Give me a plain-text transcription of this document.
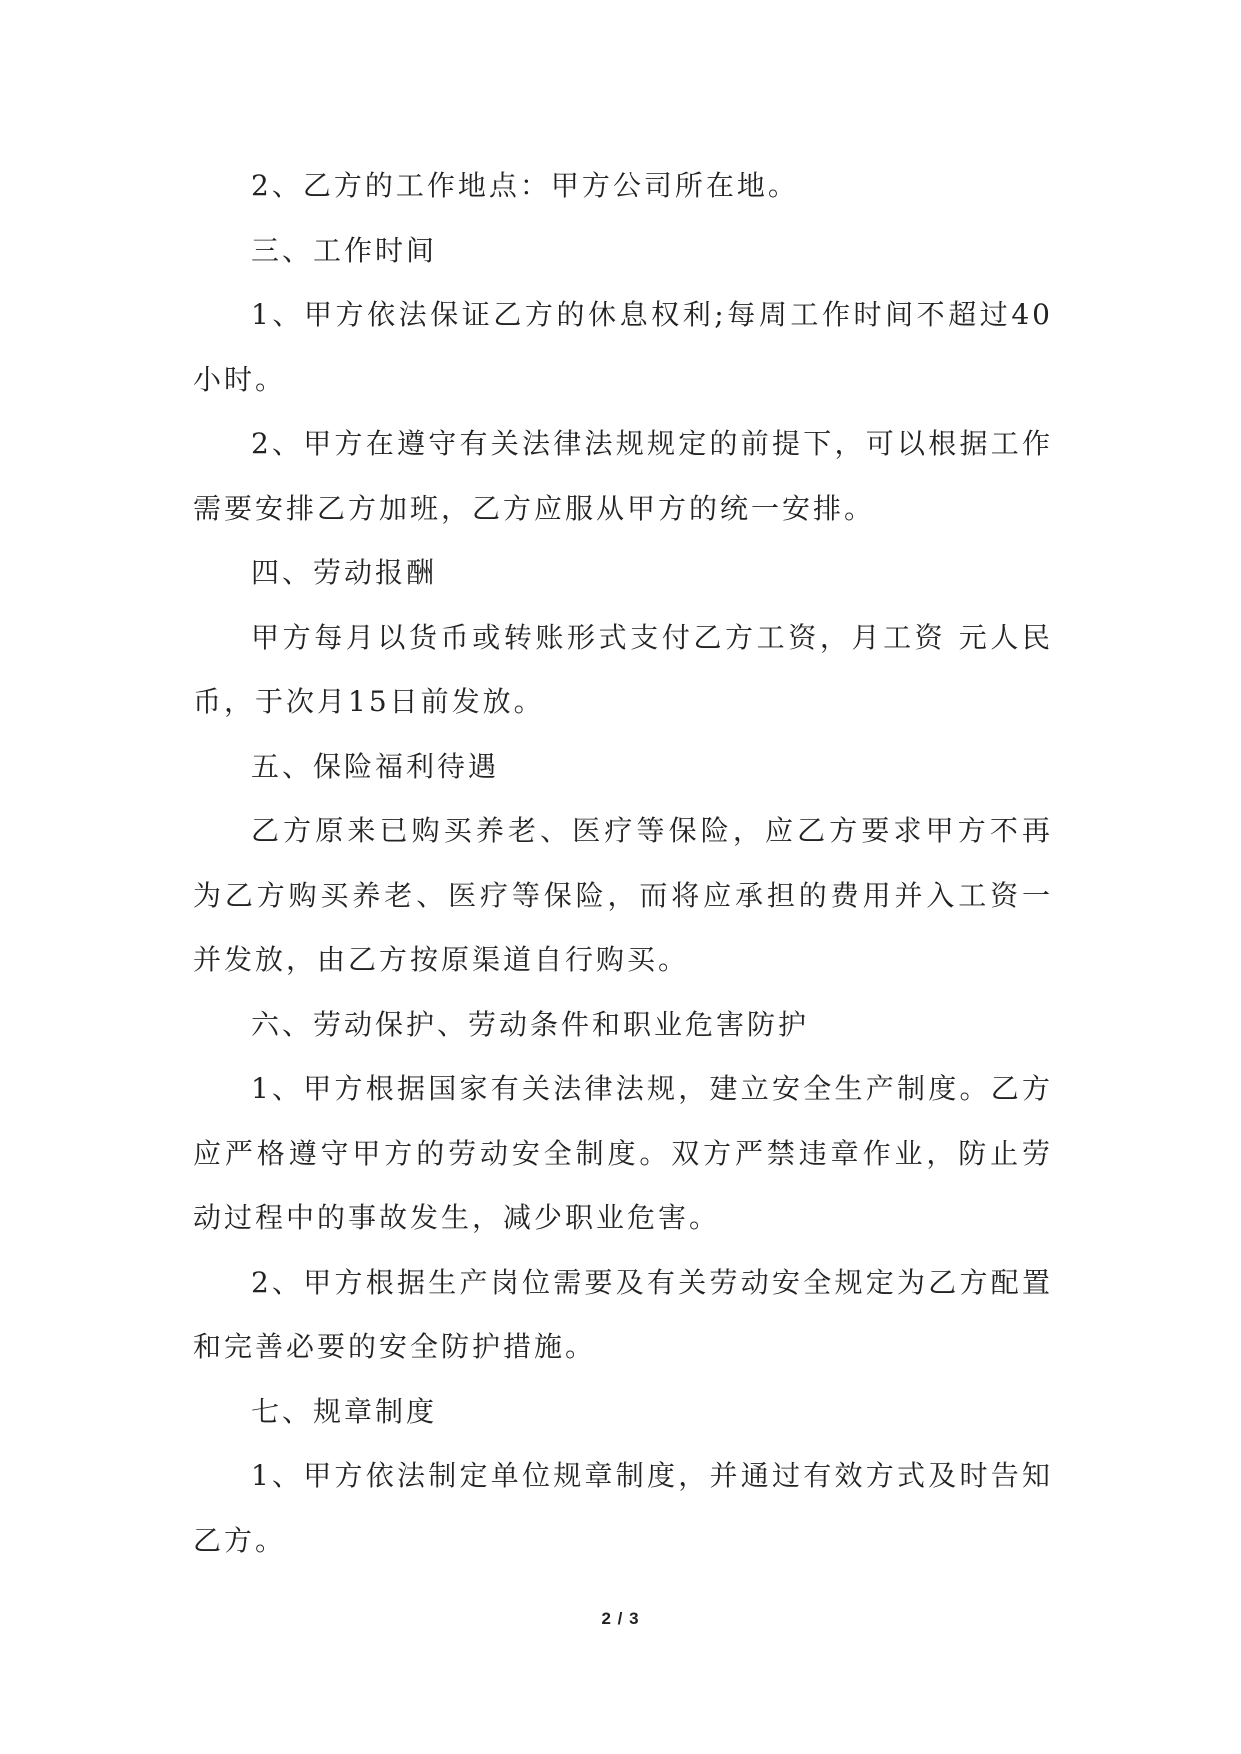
2、乙方的工作地点：甲方公司所在地。

三、工作时间

1、甲方依法保证乙方的休息权利;每周工作时间不超过40小时。

2、甲方在遵守有关法律法规规定的前提下，可以根据工作需要安排乙方加班，乙方应服从甲方的统一安排。

四、劳动报酬

甲方每月以货币或转账形式支付乙方工资，月工资 元人民币，于次月15日前发放。

五、保险福利待遇

乙方原来已购买养老、医疗等保险，应乙方要求甲方不再为乙方购买养老、医疗等保险，而将应承担的费用并入工资一并发放，由乙方按原渠道自行购买。

六、劳动保护、劳动条件和职业危害防护

1、甲方根据国家有关法律法规，建立安全生产制度。乙方应严格遵守甲方的劳动安全制度。双方严禁违章作业，防止劳动过程中的事故发生，减少职业危害。

2、甲方根据生产岗位需要及有关劳动安全规定为乙方配置和完善必要的安全防护措施。

七、规章制度

1、甲方依法制定单位规章制度，并通过有效方式及时告知乙方。

2 / 3
